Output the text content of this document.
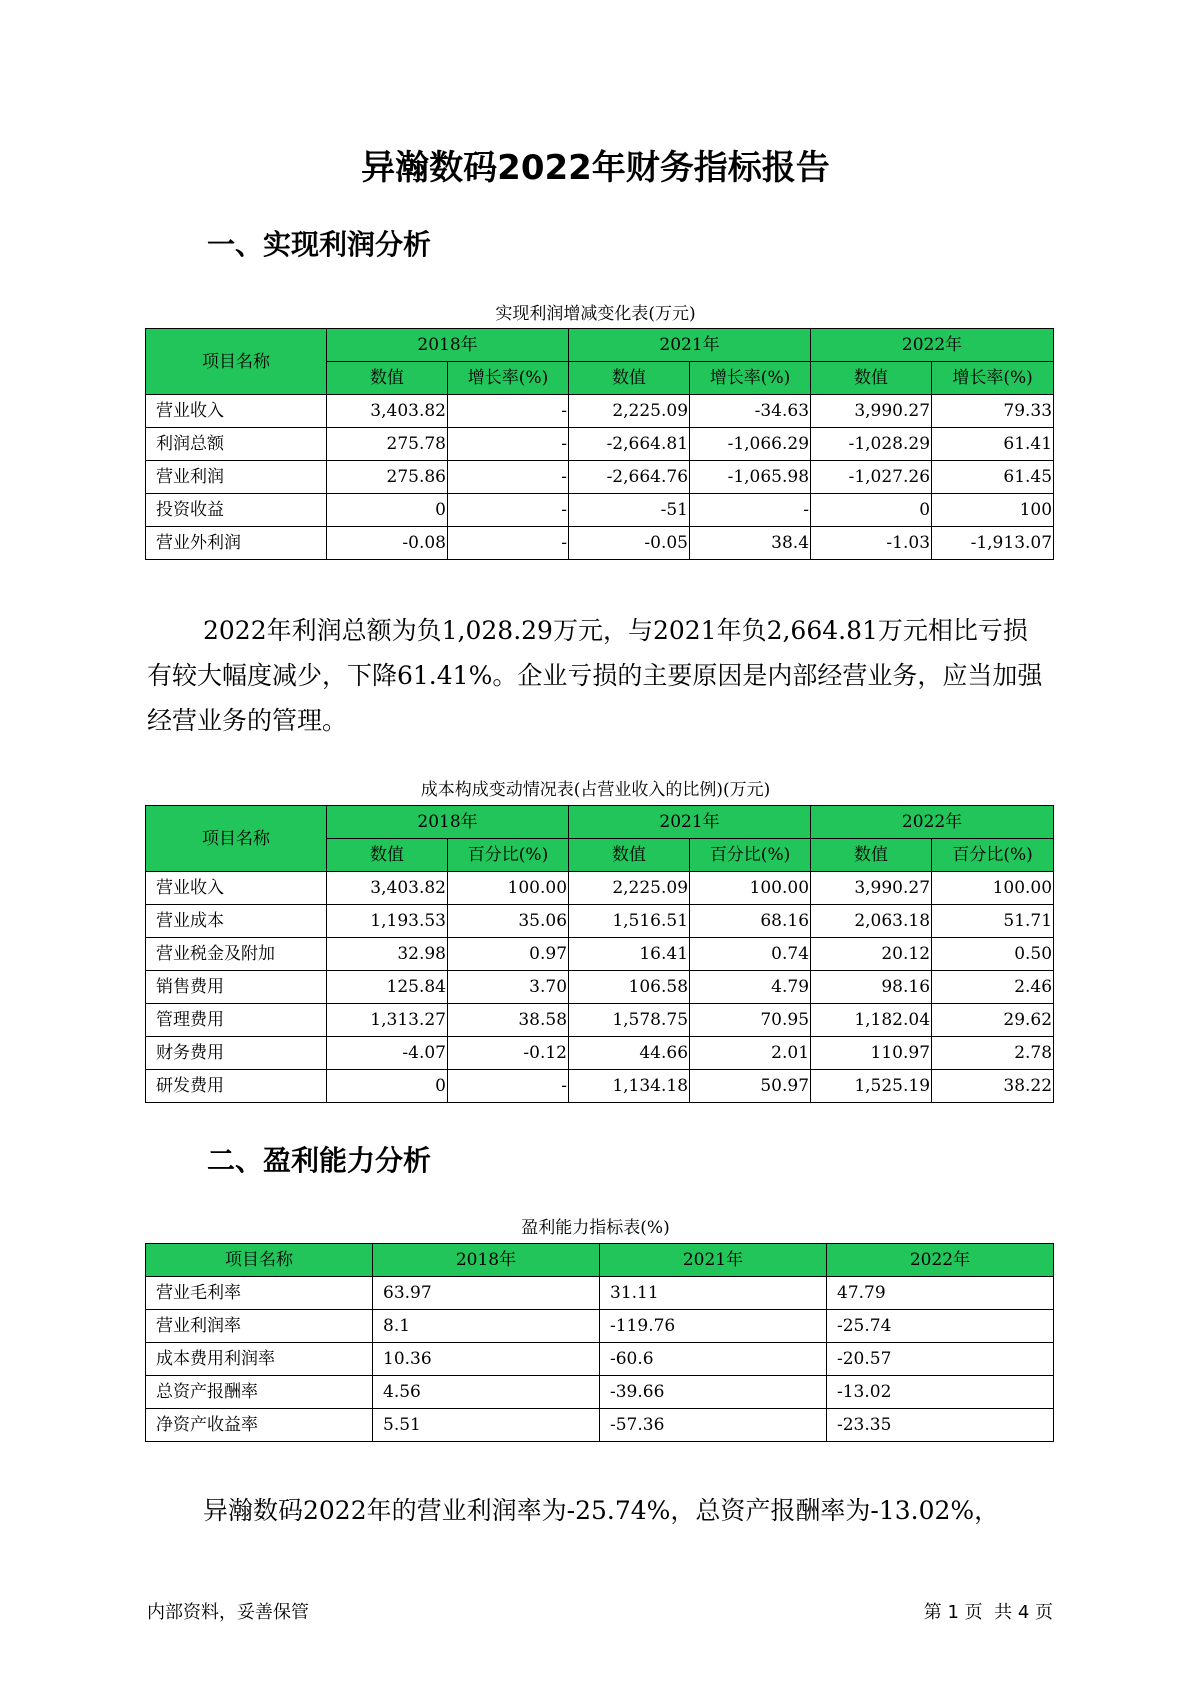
异瀚数码2022年财务指标报告
一、实现利润分析
实现利润增减变化表(万元)
项目名称	2018年		2021年		2022年	
	数值	增长率(%)	数值	增长率(%)	数值	增长率(%)
营业收入	3,403.82	-	2,225.09	-34.63	3,990.27	79.33
利润总额	275.78	-	-2,664.81	-1,066.29	-1,028.29	61.41
营业利润	275.86	-	-2,664.76	-1,065.98	-1,027.26	61.45
投资收益	0	-	-51	-	0	100
营业外利润	-0.08	-	-0.05	38.4	-1.03	-1,913.07
2022年利润总额为负1,028.29万元，与2021年负2,664.81万元相比亏损有较大幅度减少，下降61.41%。企业亏损的主要原因是内部经营业务，应当加强经营业务的管理。
成本构成变动情况表(占营业收入的比例)(万元)
项目名称	2018年		2021年		2022年	
	数值	百分比(%)	数值	百分比(%)	数值	百分比(%)
营业收入	3,403.82	100.00	2,225.09	100.00	3,990.27	100.00
营业成本	1,193.53	35.06	1,516.51	68.16	2,063.18	51.71
营业税金及附加	32.98	0.97	16.41	0.74	20.12	0.50
销售费用	125.84	3.70	106.58	4.79	98.16	2.46
管理费用	1,313.27	38.58	1,578.75	70.95	1,182.04	29.62
财务费用	-4.07	-0.12	44.66	2.01	110.97	2.78
研发费用	0	-	1,134.18	50.97	1,525.19	38.22
二、盈利能力分析
盈利能力指标表(%)
项目名称	2018年	2021年	2022年
营业毛利率	63.97	31.11	47.79
营业利润率	8.1	-119.76	-25.74
成本费用利润率	10.36	-60.6	-20.57
总资产报酬率	4.56	-39.66	-13.02
净资产收益率	5.51	-57.36	-23.35
异瀚数码2022年的营业利润率为-25.74%，总资产报酬率为-13.02%，
内部资料，妥善保管	第 1 页  共 4 页
